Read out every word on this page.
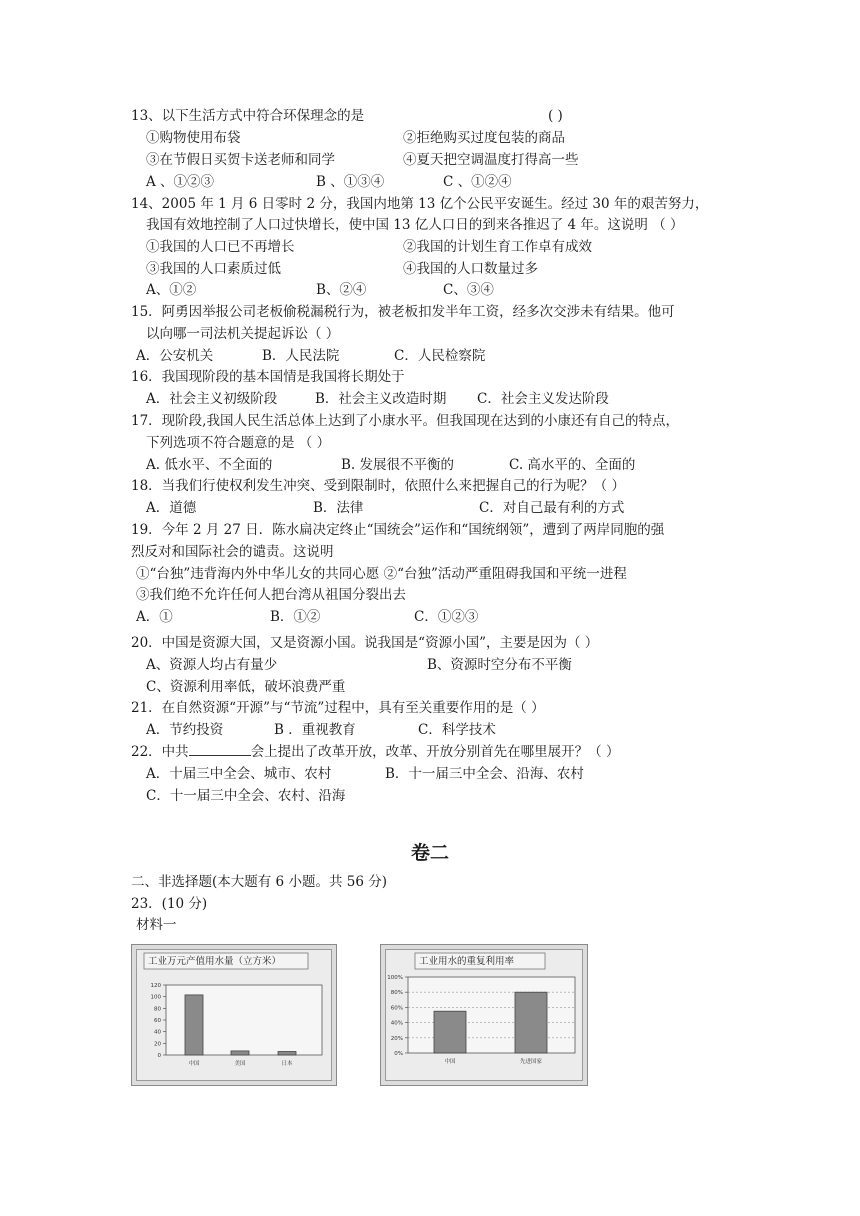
13、以下生活方式中符合环保理念的是	( )
①购物使用布袋	②拒绝购买过度包装的商品
③在节假日买贺卡送老师和同学	④夏天把空调温度打得高一些
A 、①②③	B 、①③④	C 、①②④
14、2005 年 1 月 6 日零时 2 分，我国内地第 13 亿个公民平安诞生。经过 30 年的艰苦努力，
我国有效地控制了人口过快增长，使中国 13 亿人口日的到来各推迟了 4 年。这说明 （ ）
①我国的人口已不再增长	②我国的计划生育工作卓有成效
③我国的人口素质过低	④我国的人口数量过多
A、①②	B、②④	C、③④
15．阿勇因举报公司老板偷税漏税行为，被老板扣发半年工资，经多次交涉未有结果。他可
以向哪一司法机关提起诉讼（ ）
A．公安机关	B．人民法院	C．人民检察院
16．我国现阶段的基本国情是我国将长期处于
A．社会主义初级阶段	B．社会主义改造时期 C．社会主义发达阶段
17．现阶段,我国人民生活总体上达到了小康水平。但我国现在达到的小康还有自己的特点，
下列选项不符合题意的是 （ ）
A. 低水平、不全面的	B. 发展很不平衡的	C. 高水平的、全面的
18．当我们行使权利发生冲突、受到限制时，依照什么来把握自己的行为呢？（ ）
A．道德	B．法律	C．对自己最有利的方式
19．今年 2 月 27 日．陈水扁决定终止“国统会”运作和“国统纲领”，遭到了两岸同胞的强
烈反对和国际社会的谴责。这说明
①“台独”违背海内外中华儿女的共同心愿 ②“台独”活动严重阻碍我国和平统一进程
③我们绝不允许任何人把台湾从祖国分裂出去
A．①	B．①②	C．①②③
20．中国是资源大国，又是资源小国。说我国是“资源小国”，主要是因为（ ）
A、资源人均占有量少	B、资源时空分布不平衡
C、资源利用率低，破坏浪费严重
21．在自然资源“开源”与“节流”过程中，具有至关重要作用的是（ ）
A．节约投资	B ．重视教育	C．科学技术
22．中共	会上提出了改革开放，改革、开放分别首先在哪里展开？（ ）
A．十届三中全会、城市、农村	B．十一届三中全会、沿海、农村
C．十一届三中全会、农村、沿海
卷二
二、非选择题(本大题有 6 小题。共 56 分)
23．(10 分)
材料一
工业万元产值用水量（立方米）
0
20
40
60
80
100
120
中国	美国	日本
工业用水的重复利用率
0%
20%
40%
60%
80%
100%
中国	先进国家
